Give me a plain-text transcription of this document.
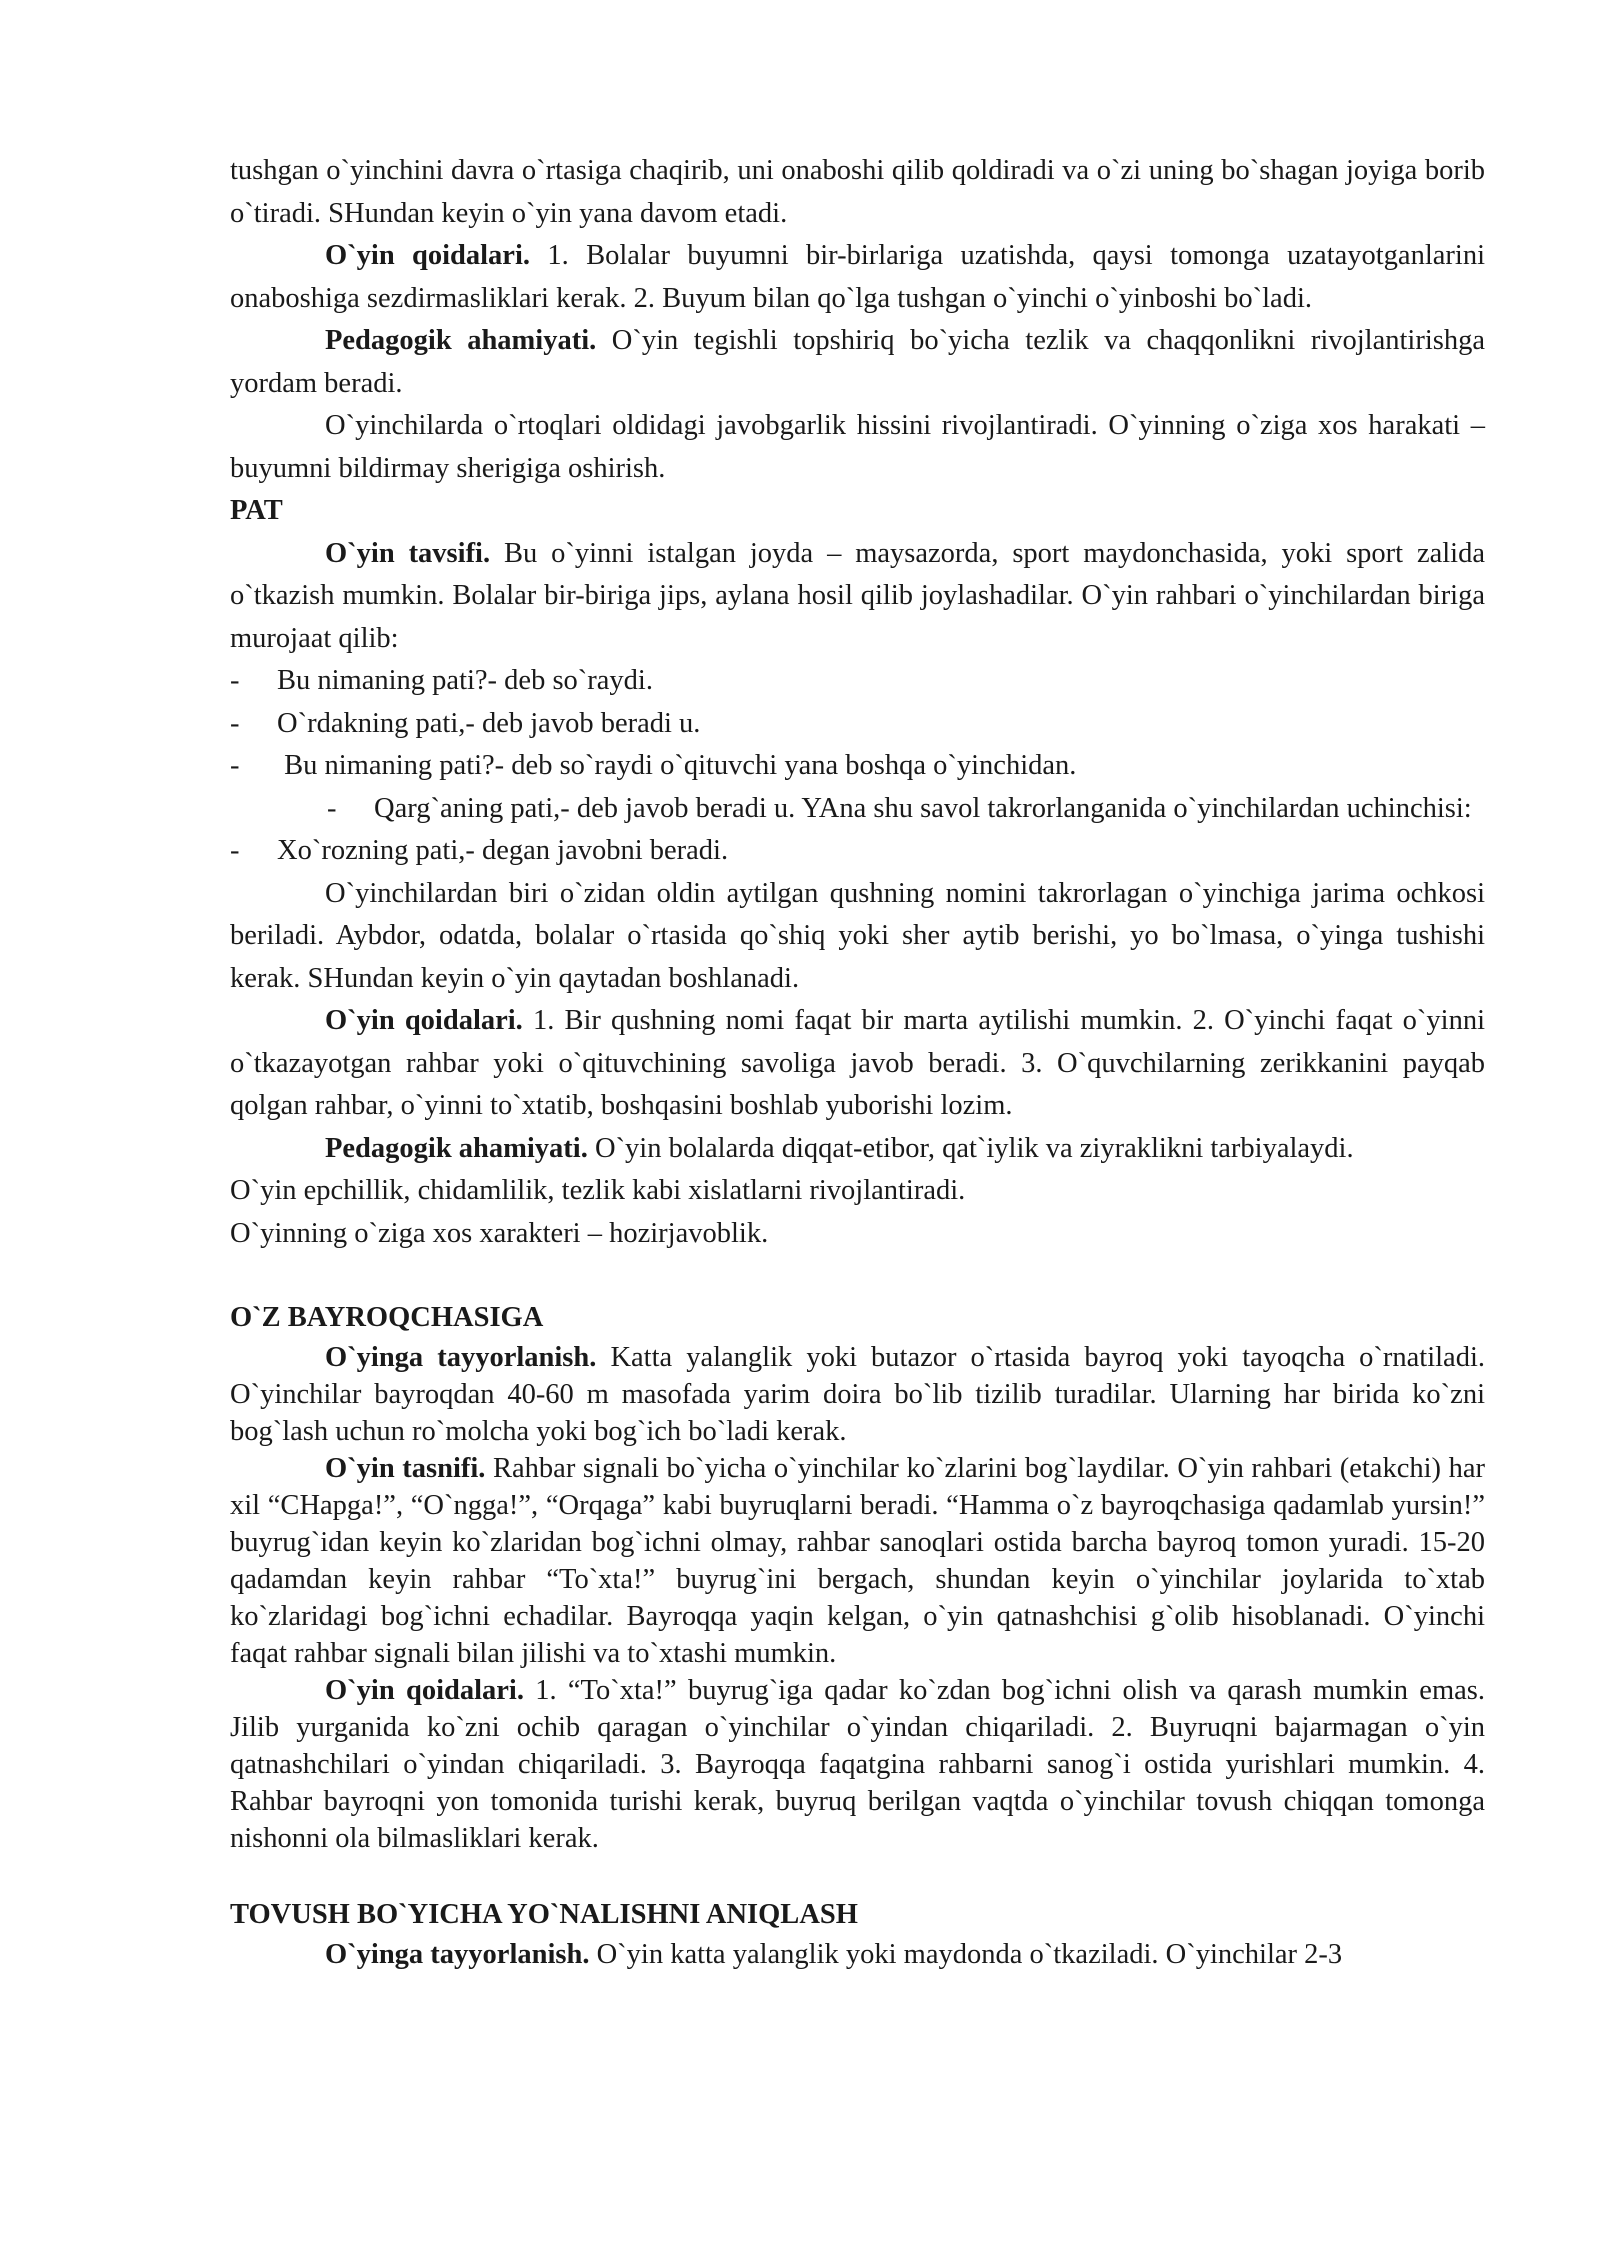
tushgan o`yinchini davra o`rtasiga chaqirib, uni onaboshi qilib qoldiradi va o`zi uning bo`shagan joyiga borib o`tiradi. SHundan keyin o`yin yana davom etadi.

O`yin qoidalari. 1. Bolalar buyumni bir-birlariga uzatishda, qaysi tomonga uzatayotganlarini onaboshiga sezdirmasliklari kerak. 2. Buyum bilan qo`lga tushgan o`yinchi o`yinboshi bo`ladi.

Pedagogik ahamiyati. O`yin tegishli topshiriq bo`yicha tezlik va chaqqonlikni rivojlantirishga yordam beradi.

O`yinchilarda o`rtoqlari oldidagi javobgarlik hissini rivojlantiradi. O`yinning o`ziga xos harakati – buyumni bildirmay sherigiga oshirish.

PAT

O`yin tavsifi. Bu o`yinni istalgan joyda – maysazorda, sport maydonchasida, yoki sport zalida o`tkazish mumkin. Bolalar bir-biriga jips, aylana hosil qilib joylashadilar. O`yin rahbari o`yinchilardan biriga murojaat qilib:

- Bu nimaning pati?- deb so`raydi.

- O`rdakning pati,- deb javob beradi u.

- Bu nimaning pati?- deb so`raydi o`qituvchi yana boshqa o`yinchidan.

- Qarg`aning pati,- deb javob beradi u. YAna shu savol takrorlanganida o`yinchilardan uchinchisi:

- Xo`rozning pati,- degan javobni beradi.

O`yinchilardan biri o`zidan oldin aytilgan qushning nomini takrorlagan o`yinchiga jarima ochkosi beriladi. Aybdor, odatda, bolalar o`rtasida qo`shiq yoki sher aytib berishi, yo bo`lmasa, o`yinga tushishi kerak. SHundan keyin o`yin qaytadan boshlanadi.

O`yin qoidalari. 1. Bir qushning nomi faqat bir marta aytilishi mumkin. 2. O`yinchi faqat o`yinni o`tkazayotgan rahbar yoki o`qituvchining savoliga javob beradi. 3. O`quvchilarning zerikkanini payqab qolgan rahbar, o`yinni to`xtatib, boshqasini boshlab yuborishi lozim.

Pedagogik ahamiyati. O`yin bolalarda diqqat-etibor, qat`iylik va ziyraklikni tarbiyalaydi.

O`yin epchillik, chidamlilik, tezlik kabi xislatlarni rivojlantiradi.

O`yinning o`ziga xos xarakteri – hozirjavoblik.

O`Z BAYROQCHASIGA

O`yinga tayyorlanish. Katta yalanglik yoki butazor o`rtasida bayroq yoki tayoqcha o`rnatiladi. O`yinchilar bayroqdan 40-60 m masofada yarim doira bo`lib tizilib turadilar. Ularning har birida ko`zni bog`lash uchun ro`molcha yoki bog`ich bo`ladi kerak.

O`yin tasnifi. Rahbar signali bo`yicha o`yinchilar ko`zlarini bog`laydilar. O`yin rahbari (etakchi) har xil “CHapga!”, “O`ngga!”, “Orqaga” kabi buyruqlarni beradi. “Hamma o`z bayroqchasiga qadamlab yursin!” buyrug`idan keyin ko`zlaridan bog`ichni olmay, rahbar sanoqlari ostida barcha bayroq tomon yuradi. 15-20 qadamdan keyin rahbar “To`xta!” buyrug`ini bergach, shundan keyin o`yinchilar joylarida to`xtab ko`zlaridagi bog`ichni echadilar. Bayroqqa yaqin kelgan, o`yin qatnashchisi g`olib hisoblanadi. O`yinchi faqat rahbar signali bilan jilishi va to`xtashi mumkin.

O`yin qoidalari. 1. “To`xta!” buyrug`iga qadar ko`zdan bog`ichni olish va qarash mumkin emas. Jilib yurganida ko`zni ochib qaragan o`yinchilar o`yindan chiqariladi. 2. Buyruqni bajarmagan o`yin qatnashchilari o`yindan chiqariladi. 3. Bayroqqa faqatgina rahbarni sanog`i ostida yurishlari mumkin. 4. Rahbar bayroqni yon tomonida turishi kerak, buyruq berilgan vaqtda o`yinchilar tovush chiqqan tomonga nishonni ola bilmasliklari kerak.

TOVUSH BO`YICHA YO`NALISHNI ANIQLASH

O`yinga tayyorlanish. O`yin katta yalanglik yoki maydonda o`tkaziladi. O`yinchilar 2-3
